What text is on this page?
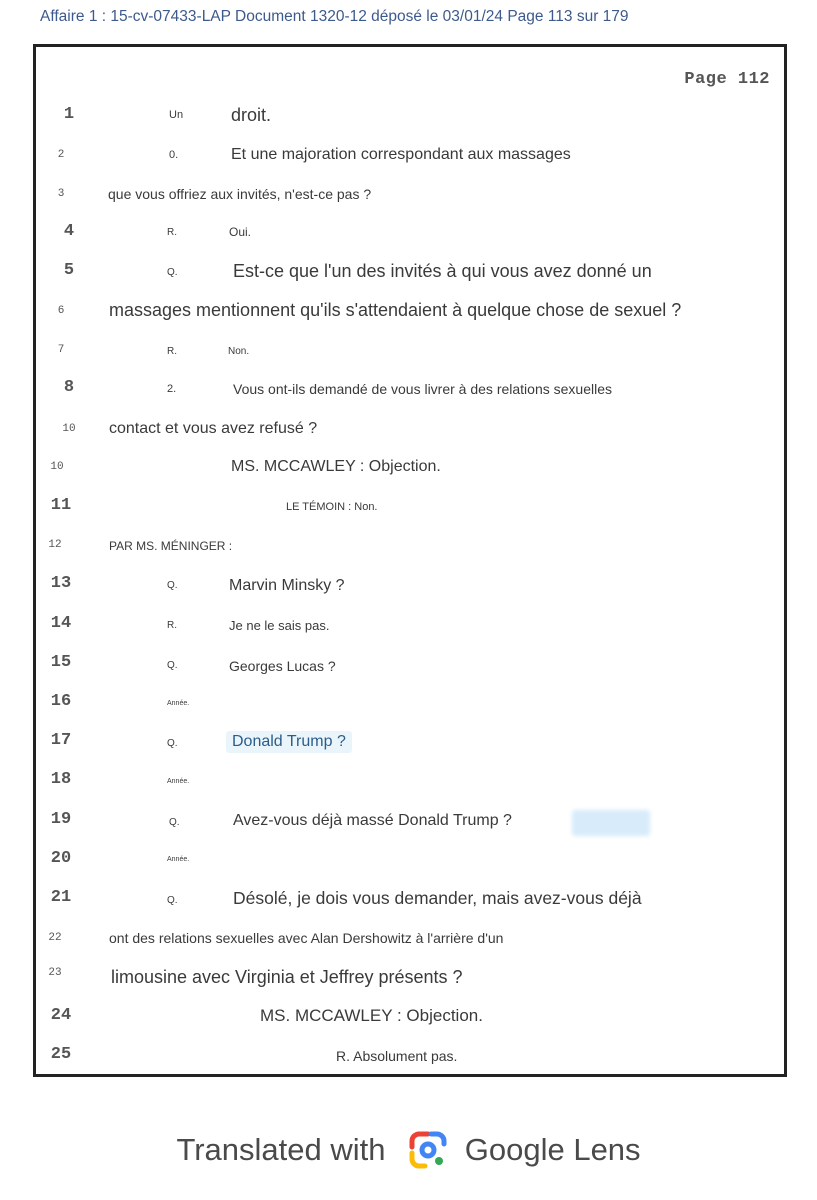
Affaire 1 : 15-cv-07433-LAP Document 1320-12 déposé le 03/01/24 Page 113 sur 179
Page 112
1	Un	droit.
2	0.	Et une majoration correspondant aux massages
3	que vous offriez aux invités, n'est-ce pas ?
4	R.	Oui.
5	Q.	Est-ce que l'un des invités à qui vous avez donné un
6	massages mentionnent qu'ils s'attendaient à quelque chose de sexuel ?
7	R.	Non.
8	2.	Vous ont-ils demandé de vous livrer à des relations sexuelles
10	contact et vous avez refusé ?
10	MS. MCCAWLEY : Objection.
11	LE TÉMOIN : Non.
12	PAR MS. MÉNINGER :
13	Q.	Marvin Minsky ?
14	R.	Je ne le sais pas.
15	Q.	Georges Lucas ?
16	Année.
17	Q.	Donald Trump ?
18	Année.
19	Q.	Avez-vous déjà massé Donald Trump ?
20	Année.
21	Q.	Désolé, je dois vous demander, mais avez-vous déjà
22	ont des relations sexuelles avec Alan Dershowitz à l'arrière d'un
23	limousine avec Virginia et Jeffrey présents ?
24	MS. MCCAWLEY : Objection.
25	R. Absolument pas.
Translated with	Google Lens
